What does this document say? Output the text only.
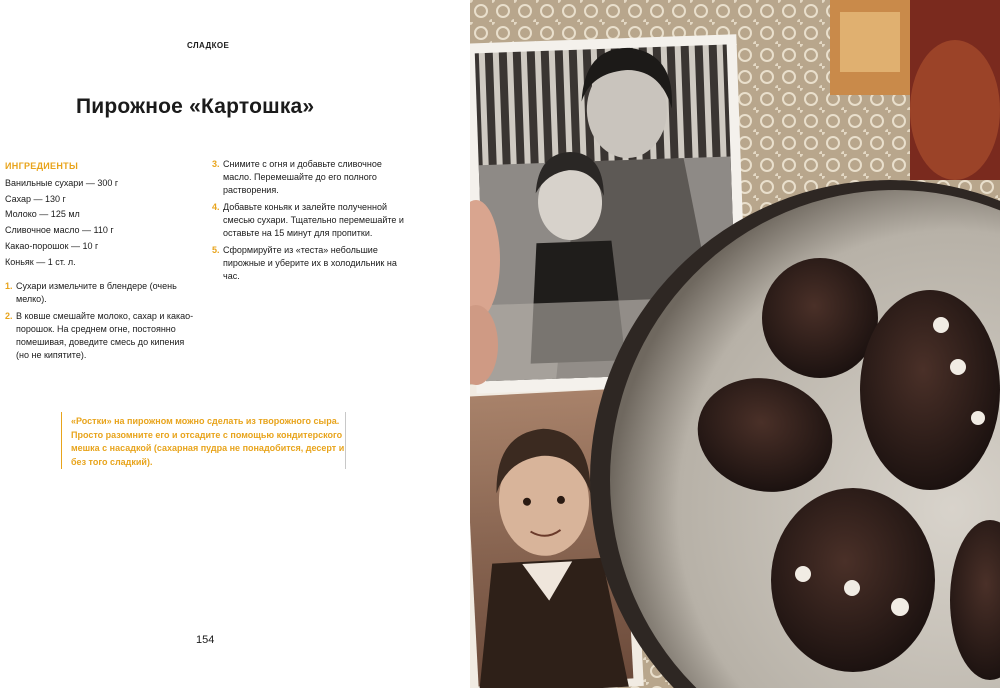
СЛАДКОЕ
Пирожное «Картошка»
ИНГРЕДИЕНТЫ
Ванильные сухари — 300 г
Сахар — 130 г
Молоко — 125 мл
Сливочное масло — 110 г
Какао-порошок — 10 г
Коньяк — 1 ст. л.
1. Сухари измельчите в блендере (очень мелко).
2. В ковше смешайте молоко, сахар и какао-порошок. На среднем огне, постоянно помешивая, доведите смесь до кипения (но не кипятите).
3. Снимите с огня и добавьте сливочное масло. Перемешайте до его полного растворения.
4. Добавьте коньяк и залейте полученной смесью сухари. Тщательно перемешайте и оставьте на 15 минут для пропитки.
5. Сформируйте из «теста» небольшие пирожные и уберите их в холодильник на час.

«Ростки» на пирожном можно сделать из творожного сыра. Просто разомните его и отсадите с помощью кондитерского мешка с насадкой (сахарная пудра не понадобится, десерт и без того сладкий).

154
